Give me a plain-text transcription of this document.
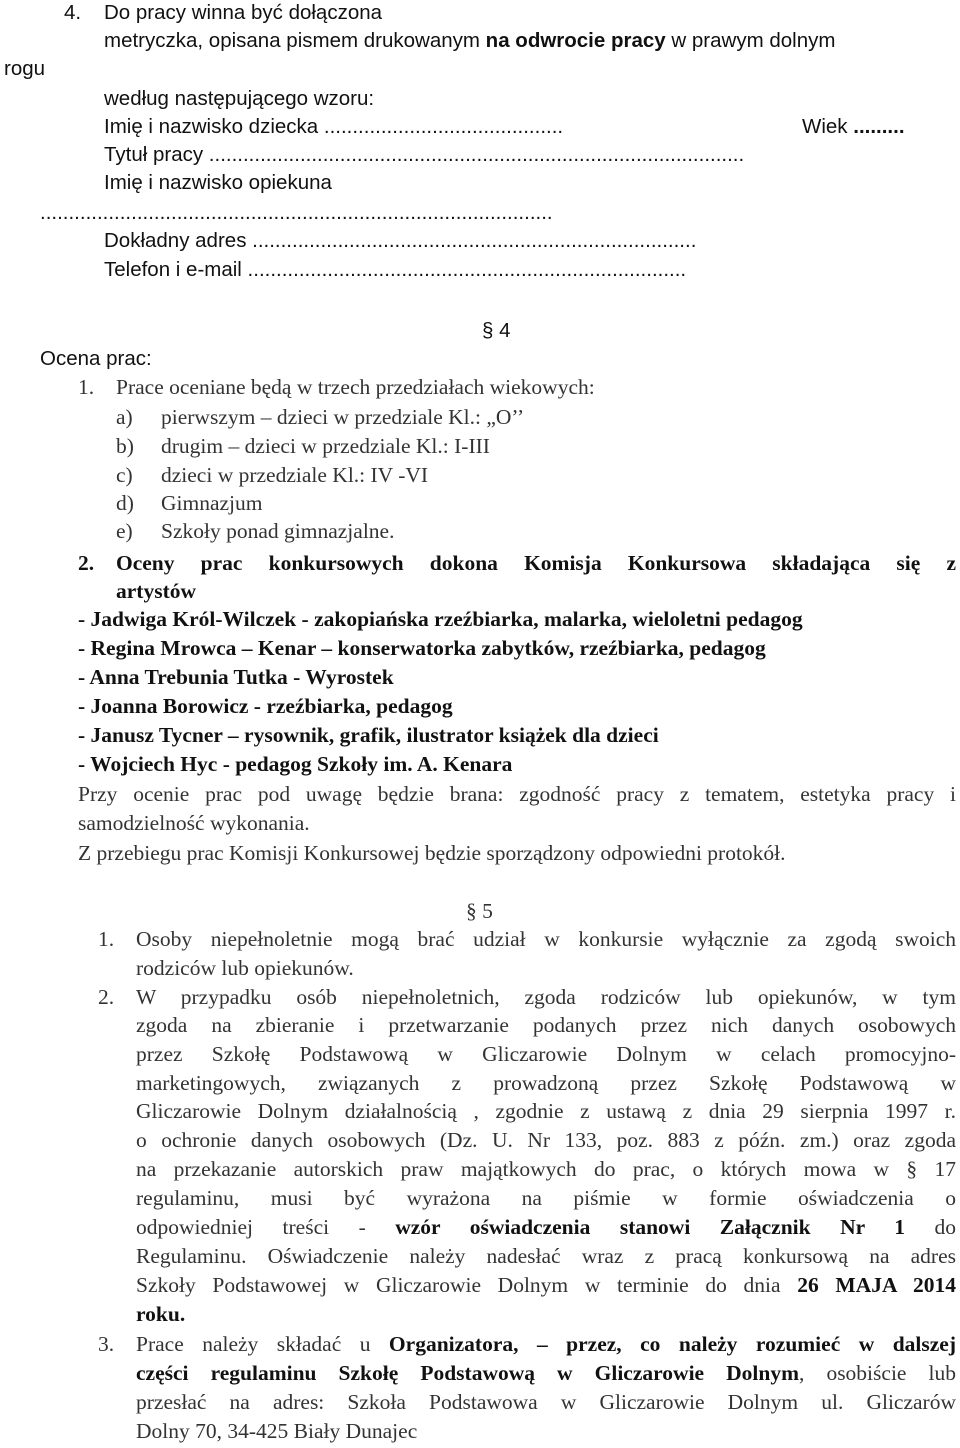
4. Do pracy winna być dołączona
metryczka, opisana pismem drukowanym na odwrocie pracy w prawym dolnym
rogu
według następującego wzoru:
Imię i nazwisko dziecka ..........................................	Wiek .........
Tytuł pracy ..............................................................................................
Imię i nazwisko opiekuna
..........................................................................................
Dokładny adres ..............................................................................
Telefon i e-mail .............................................................................
§ 4
Ocena prac:
1. Prace oceniane będą w trzech przedziałach wiekowych:
a) pierwszym – dzieci w przedziale Kl.: „O’’
b) drugim – dzieci w przedziale Kl.: I-III
c) dzieci w przedziale Kl.: IV -VI
d) Gimnazjum
e) Szkoły ponad gimnazjalne.
2. Oceny prac konkursowych dokona Komisja Konkursowa składająca się z
artystów
- Jadwiga Król-Wilczek - zakopiańska rzeźbiarka, malarka, wieloletni pedagog
- Regina Mrowca – Kenar – konserwatorka zabytków, rzeźbiarka, pedagog
- Anna Trebunia Tutka - Wyrostek
- Joanna Borowicz - rzeźbiarka, pedagog
- Janusz Tycner – rysownik, grafik, ilustrator książek dla dzieci
- Wojciech Hyc - pedagog Szkoły im. A. Kenara
Przy ocenie prac pod uwagę będzie brana: zgodność pracy z tematem, estetyka pracy i
samodzielność wykonania.
Z przebiegu prac Komisji Konkursowej będzie sporządzony odpowiedni protokół.
§ 5
1. Osoby niepełnoletnie mogą brać udział w konkursie wyłącznie za zgodą swoich
rodziców lub opiekunów.
2. W przypadku osób niepełnoletnich, zgoda rodziców lub opiekunów, w tym
zgoda na zbieranie i przetwarzanie podanych przez nich danych osobowych
przez Szkołę Podstawową w Gliczarowie Dolnym w celach promocyjno-
marketingowych, związanych z prowadzoną przez Szkołę Podstawową w
Gliczarowie Dolnym działalnością , zgodnie z ustawą z dnia 29 sierpnia 1997 r.
o ochronie danych osobowych (Dz. U. Nr 133, poz. 883 z późn. zm.) oraz zgoda
na przekazanie autorskich praw majątkowych do prac, o których mowa w § 17
regulaminu, musi być wyrażona na piśmie w formie oświadczenia o
odpowiedniej treści - wzór oświadczenia stanowi Załącznik Nr 1 do
Regulaminu. Oświadczenie należy nadesłać wraz z pracą konkursową na adres
Szkoły Podstawowej w Gliczarowie Dolnym w terminie do dnia 26 MAJA 2014
roku.
3. Prace należy składać u Organizatora, – przez, co należy rozumieć w dalszej
części regulaminu Szkołę Podstawową w Gliczarowie Dolnym, osobiście lub
przesłać na adres: Szkoła Podstawowa w Gliczarowie Dolnym ul. Gliczarów
Dolny 70, 34-425 Biały Dunajec
